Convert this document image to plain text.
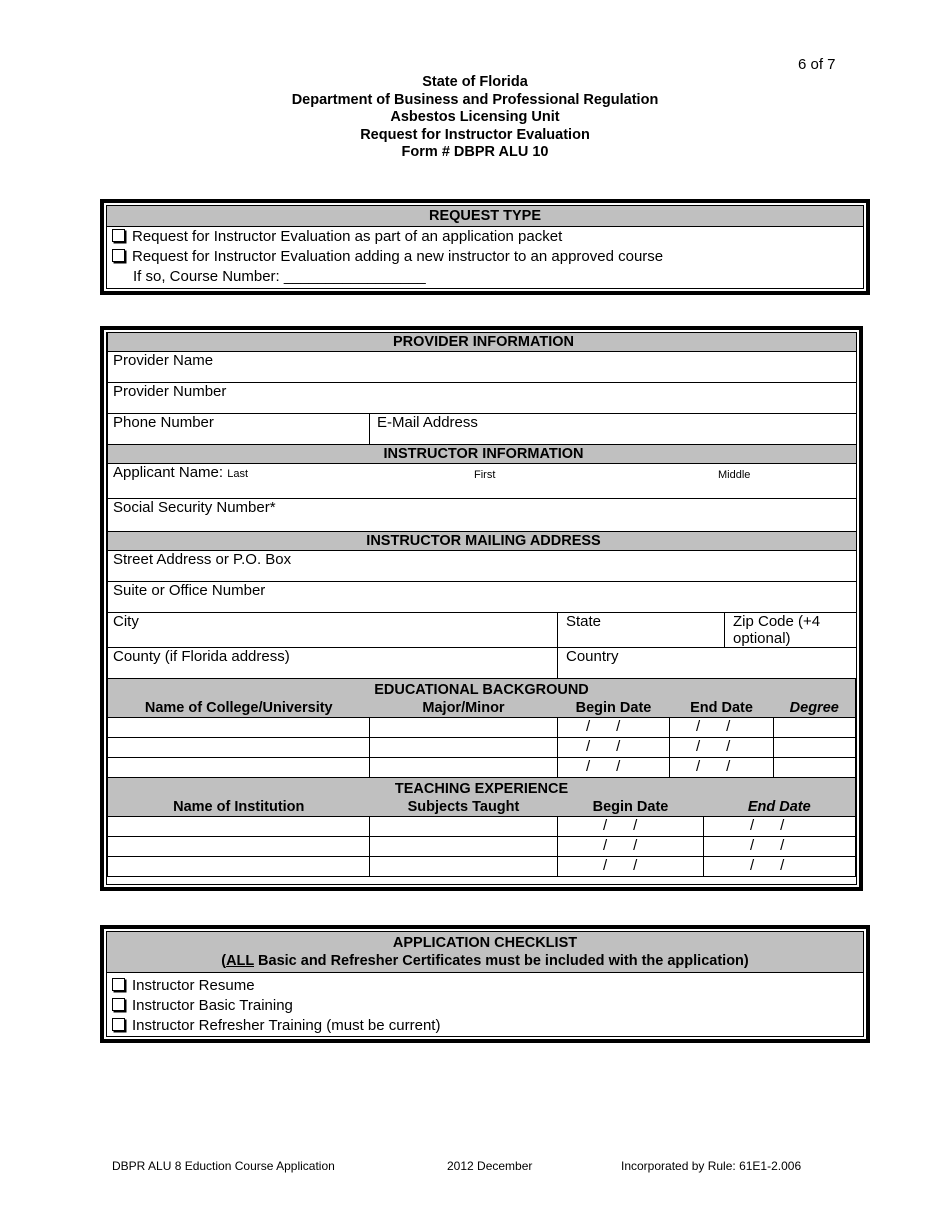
6 of 7
State of Florida
Department of Business and Professional Regulation
Asbestos Licensing Unit
Request for Instructor Evaluation
Form # DBPR ALU 10
REQUEST TYPE
Request for Instructor Evaluation as part of an application packet
Request for Instructor Evaluation adding a new instructor to an approved course
If so, Course Number: _________________
PROVIDER INFORMATION			
Provider Name			
Provider Number			
Phone Number	E-Mail Address		
INSTRUCTOR INFORMATION			
Applicant Name: Last First Middle			

Social Security Number*			
INSTRUCTOR MAILING ADDRESS			
Street Address or P.O. Box			
Suite or Office Number			
City		State	Zip Code (+4 optional)
County (if Florida address)		Country	
EDUCATIONAL BACKGROUND				
Name of College/University	Major/Minor	Begin Date	End Date	Degree
		/ /	/ /	
		/ /	/ /	
		/ /	/ /	
TEACHING EXPERIENCE			
Name of Institution	Subjects Taught	Begin Date	End Date
		/ /	/ /
		/ /	/ /
		/ /	/ /
APPLICATION CHECKLIST
(ALL Basic and Refresher Certificates must be included with the application)
Instructor Resume
Instructor Basic Training
Instructor Refresher Training (must be current)
DBPR ALU 8 Eduction Course Application	2012 December	Incorporated by Rule: 61E1-2.006
